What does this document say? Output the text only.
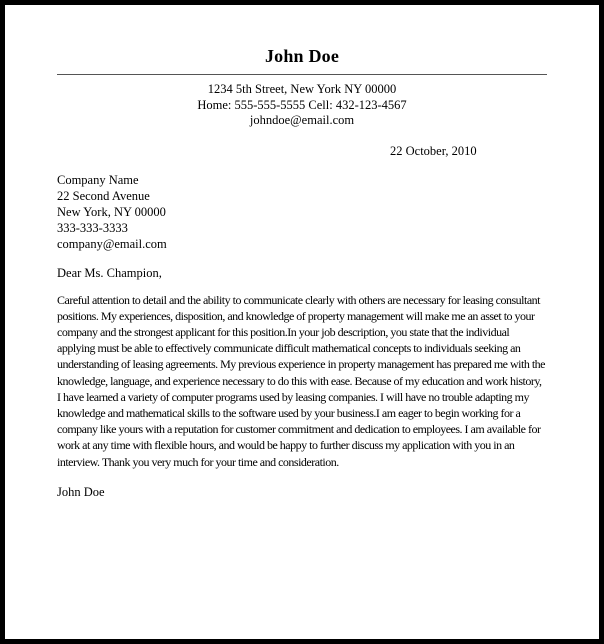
John Doe
1234 5th Street, New York NY 00000
Home: 555-555-5555 Cell: 432-123-4567
johndoe@email.com
22 October, 2010
Company Name
22 Second Avenue
New York, NY 00000
333-333-3333
company@email.com
Dear Ms. Champion,
Careful attention to detail and the ability to communicate clearly with others are necessary for leasing consultant positions. My experiences, disposition, and knowledge of property management will make me an asset to your company and the strongest applicant for this position.In your job description, you state that the individual applying must be able to effectively communicate difficult mathematical concepts to individuals seeking an understanding of leasing agreements. My previous experience in property management has prepared me with the knowledge, language, and experience necessary to do this with ease. Because of my education and work history, I have learned a variety of computer programs used by leasing companies. I will have no trouble adapting my knowledge and mathematical skills to the software used by your business.I am eager to begin working for a company like yours with a reputation for customer commitment and dedication to employees. I am available for work at any time with flexible hours, and would be happy to further discuss my application with you in an interview. Thank you very much for your time and consideration.
John Doe
